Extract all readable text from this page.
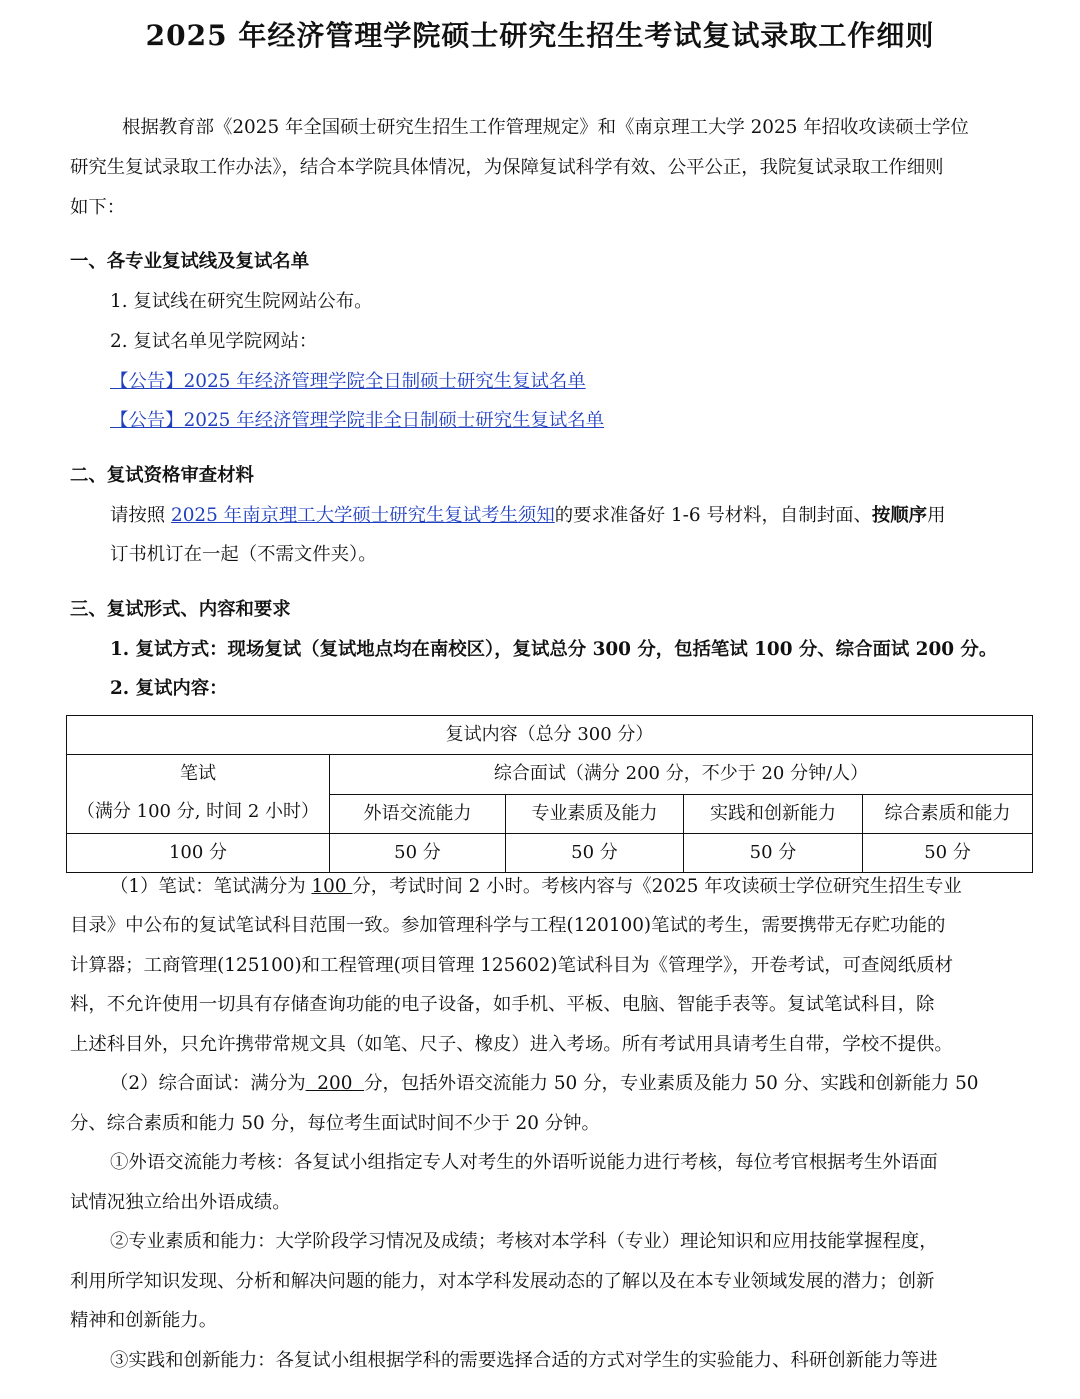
2025 年经济管理学院硕士研究生招生考试复试录取工作细则
根据教育部《2025 年全国硕士研究生招生工作管理规定》和《南京理工大学 2025 年招收攻读硕士学位
研究生复试录取工作办法》，结合本学院具体情况，为保障复试科学有效、公平公正，我院复试录取工作细则
如下：
一、各专业复试线及复试名单
1. 复试线在研究生院网站公布。
2. 复试名单见学院网站：
【公告】2025 年经济管理学院全日制硕士研究生复试名单
【公告】2025 年经济管理学院非全日制硕士研究生复试名单
二、复试资格审查材料
请按照 2025 年南京理工大学硕士研究生复试考生须知的要求准备好 1-6 号材料，自制封面、按顺序用
订书机订在一起（不需文件夹）。
三、复试形式、内容和要求
1. 复试方式：现场复试（复试地点均在南校区），复试总分 300 分，包括笔试 100 分、综合面试 200 分。
2. 复试内容：
复试内容（总分 300 分）				

笔试
（满分 100 分, 时间 2 小时）	综合面试（满分 200 分，不少于 20 分钟/人）			
	外语交流能力	专业素质及能力	实践和创新能力	综合素质和能力
100 分	50 分	50 分	50 分	50 分
（1）笔试：笔试满分为 100 分，考试时间 2 小时。考核内容与《2025 年攻读硕士学位研究生招生专业
目录》中公布的复试笔试科目范围一致。参加管理科学与工程(120100)笔试的考生，需要携带无存贮功能的
计算器；工商管理(125100)和工程管理(项目管理 125602)笔试科目为《管理学》，开卷考试，可查阅纸质材
料，不允许使用一切具有存储查询功能的电子设备，如手机、平板、电脑、智能手表等。复试笔试科目，除
上述科目外，只允许携带常规文具（如笔、尺子、橡皮）进入考场。所有考试用具请考生自带，学校不提供。
（2）综合面试：满分为  200  分，包括外语交流能力 50 分，专业素质及能力 50 分、实践和创新能力 50
分、综合素质和能力 50 分，每位考生面试时间不少于 20 分钟。
①外语交流能力考核：各复试小组指定专人对考生的外语听说能力进行考核，每位考官根据考生外语面
试情况独立给出外语成绩。
②专业素质和能力：大学阶段学习情况及成绩；考核对本学科（专业）理论知识和应用技能掌握程度，
利用所学知识发现、分析和解决问题的能力，对本学科发展动态的了解以及在本专业领域发展的潜力；创新
精神和创新能力。
③实践和创新能力：各复试小组根据学科的需要选择合适的方式对学生的实验能力、科研创新能力等进
